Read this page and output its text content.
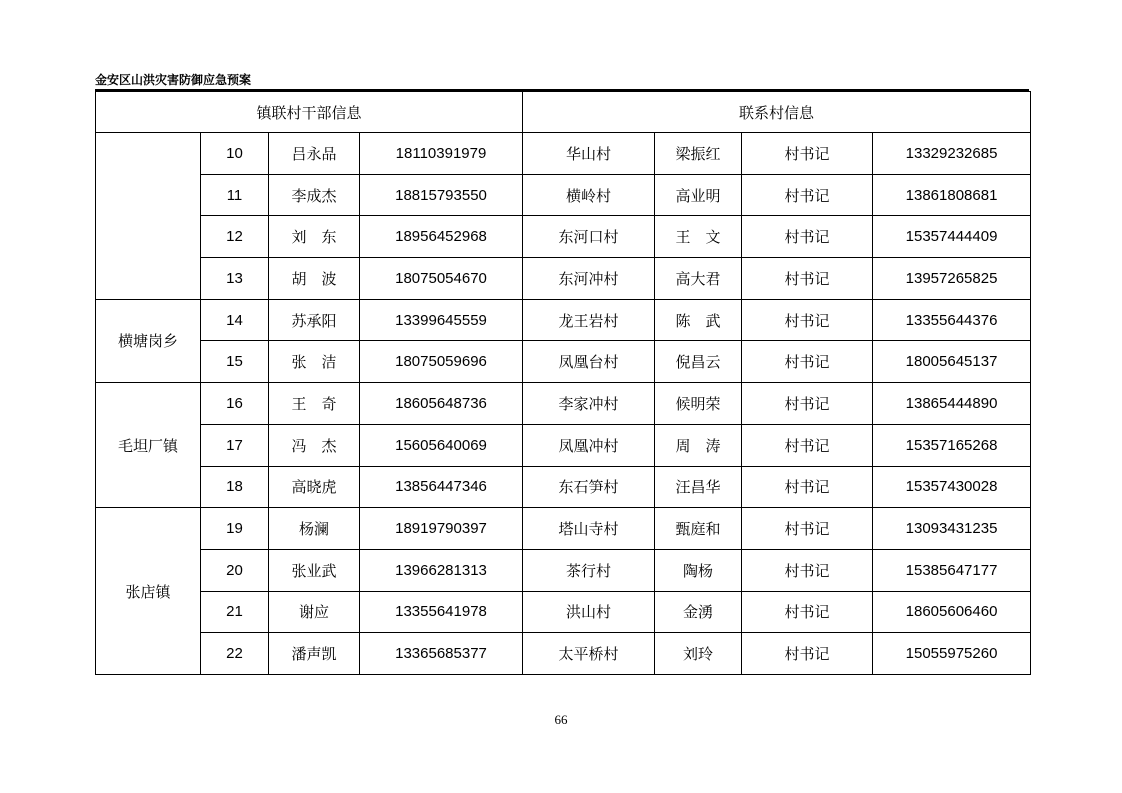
金安区山洪灾害防御应急预案
镇联村干部信息				联系村信息			
	10	吕永品	18110391979	华山村	梁振红	村书记	13329232685
	11	李成杰	18815793550	横岭村	高业明	村书记	13861808681
	12	刘　东	18956452968	东河口村	王　文	村书记	15357444409
	13	胡　波	18075054670	东河冲村	高大君	村书记	13957265825
横塘岗乡	14	苏承阳	13399645559	龙王岩村	陈　武	村书记	13355644376
	15	张　洁	18075059696	凤凰台村	倪昌云	村书记	18005645137
毛坦厂镇	16	王　奇	18605648736	李家冲村	候明荣	村书记	13865444890
	17	冯　杰	15605640069	凤凰冲村	周　涛	村书记	15357165268
	18	高晓虎	13856447346	东石笋村	汪昌华	村书记	15357430028
张店镇	19	杨澜	18919790397	塔山寺村	甄庭和	村书记	13093431235
	20	张业武	13966281313	茶行村	陶杨	村书记	15385647177
	21	谢应	13355641978	洪山村	金湧	村书记	18605606460
	22	潘声凯	13365685377	太平桥村	刘玲	村书记	15055975260
66
